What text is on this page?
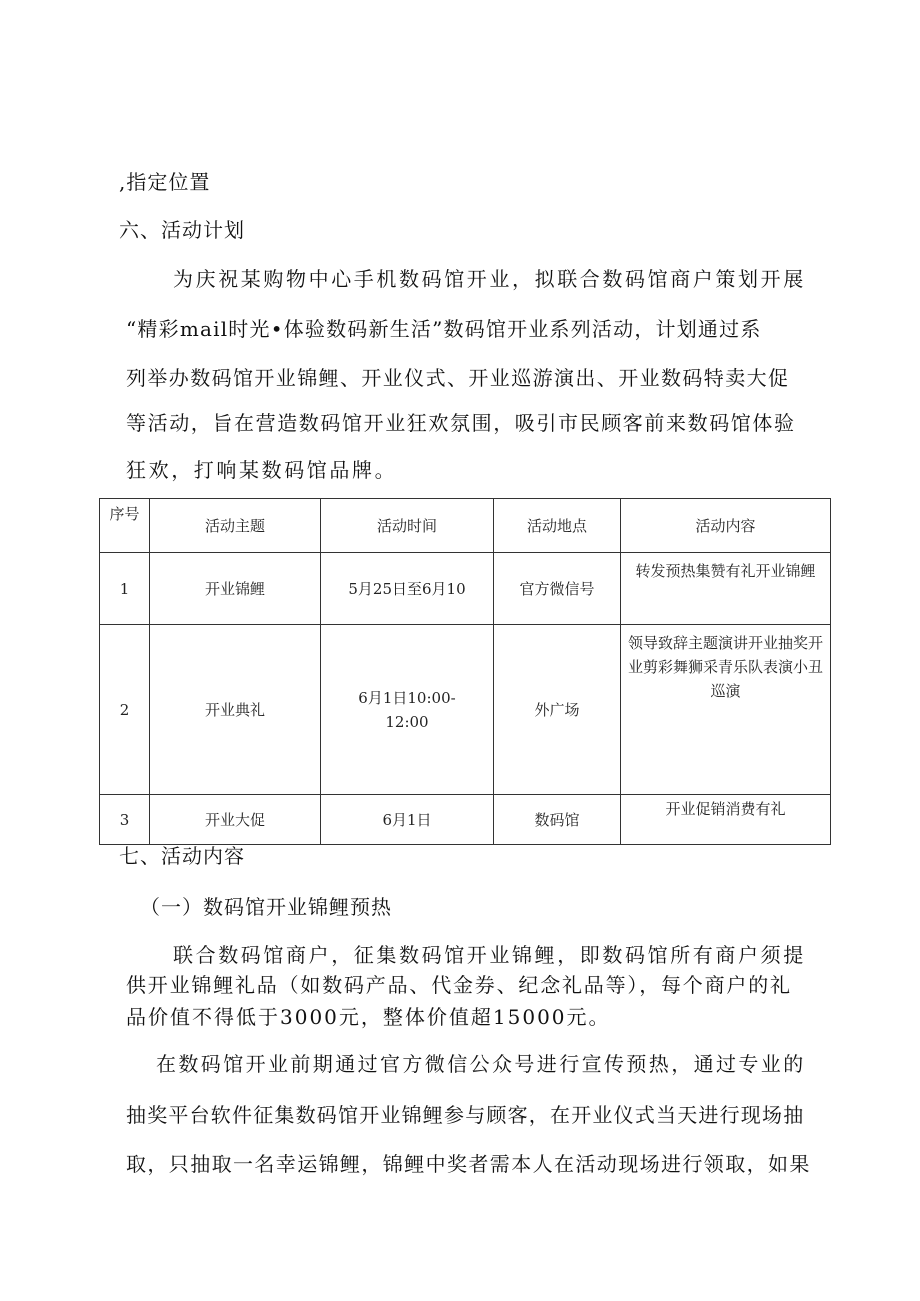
,指定位置
六、活动计划
为庆祝某购物中心手机数码馆开业，拟联合数码馆商户策划开展
“精彩mail时光•体验数码新生活”数码馆开业系列活动，计划通过系
列举办数码馆开业锦鲤、开业仪式、开业巡游演出、开业数码特卖大促
等活动，旨在营造数码馆开业狂欢氛围，吸引市民顾客前来数码馆体验
狂欢，打响某数码馆品牌。
序号	活动主题	活动时间	活动地点	活动内容
1	开业锦鲤	5月25日至6月10	官方微信号	转发预热集赞有礼开业锦鲤
2	开业典礼	6月1日10:00-12:00	外广场	领导致辞主题演讲开业抽奖开业剪彩舞狮采青乐队表演小丑巡演
3	开业大促	6月1日	数码馆	开业促销消费有礼
七、活动内容
（一）数码馆开业锦鲤预热
联合数码馆商户，征集数码馆开业锦鲤，即数码馆所有商户须提
供开业锦鲤礼品（如数码产品、代金券、纪念礼品等），每个商户的礼
品价值不得低于3000元，整体价值超15000元。
在数码馆开业前期通过官方微信公众号进行宣传预热，通过专业的
抽奖平台软件征集数码馆开业锦鲤参与顾客，在开业仪式当天进行现场抽
取，只抽取一名幸运锦鲤，锦鲤中奖者需本人在活动现场进行领取，如果
